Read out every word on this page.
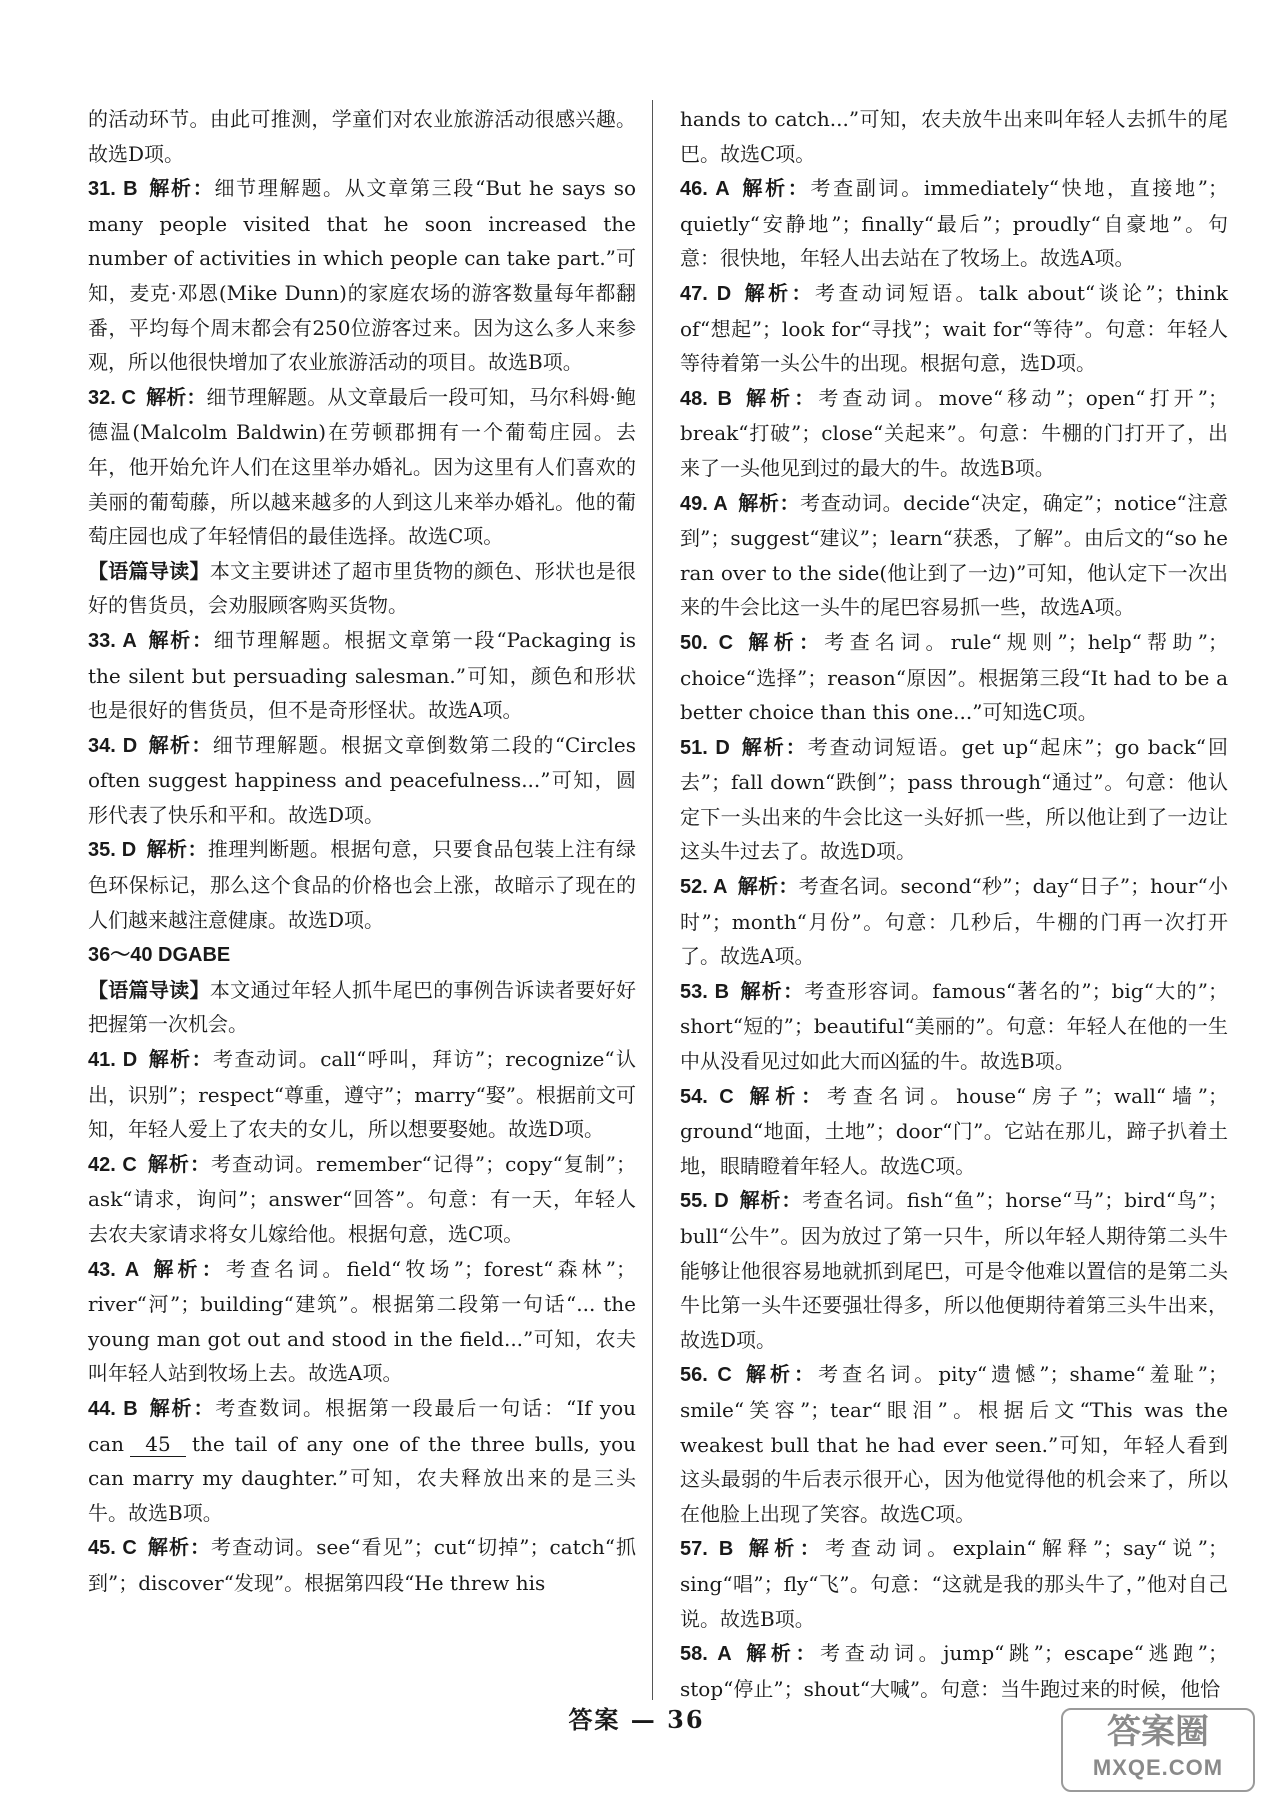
的活动环节。由此可推测，学童们对农业旅游活动很感兴趣。故选D项。

31. B 解析：细节理解题。从文章第三段“But he says so many people visited that he soon increased the number of activities in which people can take part.”可知，麦克·邓恩(Mike Dunn)的家庭农场的游客数量每年都翻番，平均每个周末都会有250位游客过来。因为这么多人来参观，所以他很快增加了农业旅游活动的项目。故选B项。

32. C 解析：细节理解题。从文章最后一段可知，马尔科姆·鲍德温(Malcolm Baldwin)在劳顿郡拥有一个葡萄庄园。去年，他开始允许人们在这里举办婚礼。因为这里有人们喜欢的美丽的葡萄藤，所以越来越多的人到这儿来举办婚礼。他的葡萄庄园也成了年轻情侣的最佳选择。故选C项。

【语篇导读】本文主要讲述了超市里货物的颜色、形状也是很好的售货员，会劝服顾客购买货物。

33. A 解析：细节理解题。根据文章第一段“Packaging is the silent but persuading salesman.”可知，颜色和形状也是很好的售货员，但不是奇形怪状。故选A项。

34. D 解析：细节理解题。根据文章倒数第二段的“Circles often suggest happiness and peacefulness...”可知，圆形代表了快乐和平和。故选D项。

35. D 解析：推理判断题。根据句意，只要食品包装上注有绿色环保标记，那么这个食品的价格也会上涨，故暗示了现在的人们越来越注意健康。故选D项。

36～40 DGABE

【语篇导读】本文通过年轻人抓牛尾巴的事例告诉读者要好好把握第一次机会。

41. D 解析：考查动词。call“呼叫，拜访”；recognize“认出，识别”；respect“尊重，遵守”；marry“娶”。根据前文可知，年轻人爱上了农夫的女儿，所以想要娶她。故选D项。

42. C 解析：考查动词。remember“记得”；copy“复制”；ask“请求，询问”；answer“回答”。句意：有一天，年轻人去农夫家请求将女儿嫁给他。根据句意，选C项。

43. A 解析：考查名词。field“牧场”；forest“森林”；river“河”；building“建筑”。根据第二段第一句话“... the young man got out and stood in the field...”可知，农夫叫年轻人站到牧场上去。故选A项。

44. B 解析：考查数词。根据第一段最后一句话：“If you can 45 the tail of any one of the three bulls, you can marry my daughter.”可知，农夫释放出来的是三头牛。故选B项。

45. C 解析：考查动词。see“看见”；cut“切掉”；catch“抓到”；discover“发现”。根据第四段“He threw his

hands to catch...”可知，农夫放牛出来叫年轻人去抓牛的尾巴。故选C项。

46. A 解析：考查副词。immediately“快地，直接地”；quietly“安静地”；finally“最后”；proudly“自豪地”。句意：很快地，年轻人出去站在了牧场上。故选A项。

47. D 解析：考查动词短语。talk about“谈论”；think of“想起”；look for“寻找”；wait for“等待”。句意：年轻人等待着第一头公牛的出现。根据句意，选D项。

48. B 解析：考查动词。move“移动”；open“打开”；break“打破”；close“关起来”。句意：牛棚的门打开了，出来了一头他见到过的最大的牛。故选B项。

49. A 解析：考查动词。decide“决定，确定”；notice“注意到”；suggest“建议”；learn“获悉，了解”。由后文的“so he ran over to the side(他让到了一边)”可知，他认定下一次出来的牛会比这一头牛的尾巴容易抓一些，故选A项。

50. C 解析：考查名词。rule“规则”；help“帮助”；choice“选择”；reason“原因”。根据第三段“It had to be a better choice than this one...”可知选C项。

51. D 解析：考查动词短语。get up“起床”；go back“回去”；fall down“跌倒”；pass through“通过”。句意：他认定下一头出来的牛会比这一头好抓一些，所以他让到了一边让这头牛过去了。故选D项。

52. A 解析：考查名词。second“秒”；day“日子”；hour“小时”；month“月份”。句意：几秒后，牛棚的门再一次打开了。故选A项。

53. B 解析：考查形容词。famous“著名的”；big“大的”；short“短的”；beautiful“美丽的”。句意：年轻人在他的一生中从没看见过如此大而凶猛的牛。故选B项。

54. C 解析：考查名词。house“房子”；wall“墙”；ground“地面，土地”；door“门”。它站在那儿，蹄子扒着土地，眼睛瞪着年轻人。故选C项。

55. D 解析：考查名词。fish“鱼”；horse“马”；bird“鸟”；bull“公牛”。因为放过了第一只牛，所以年轻人期待第二头牛能够让他很容易地就抓到尾巴，可是令他难以置信的是第二头牛比第一头牛还要强壮得多，所以他便期待着第三头牛出来，故选D项。

56. C 解析：考查名词。pity“遗憾”；shame“羞耻”；smile“笑容”；tear“眼泪”。根据后文“This was the weakest bull that he had ever seen.”可知，年轻人看到这头最弱的牛后表示很开心，因为他觉得他的机会来了，所以在他脸上出现了笑容。故选C项。

57. B 解析：考查动词。explain“解释”；say“说”；sing“唱”；fly“飞”。句意：“这就是我的那头牛了，”他对自己说。故选B项。

58. A 解析：考查动词。jump“跳”；escape“逃跑”；stop“停止”；shout“大喊”。句意：当牛跑过来的时候，他恰

答案 — 36	答案圈
MXQE.COM
